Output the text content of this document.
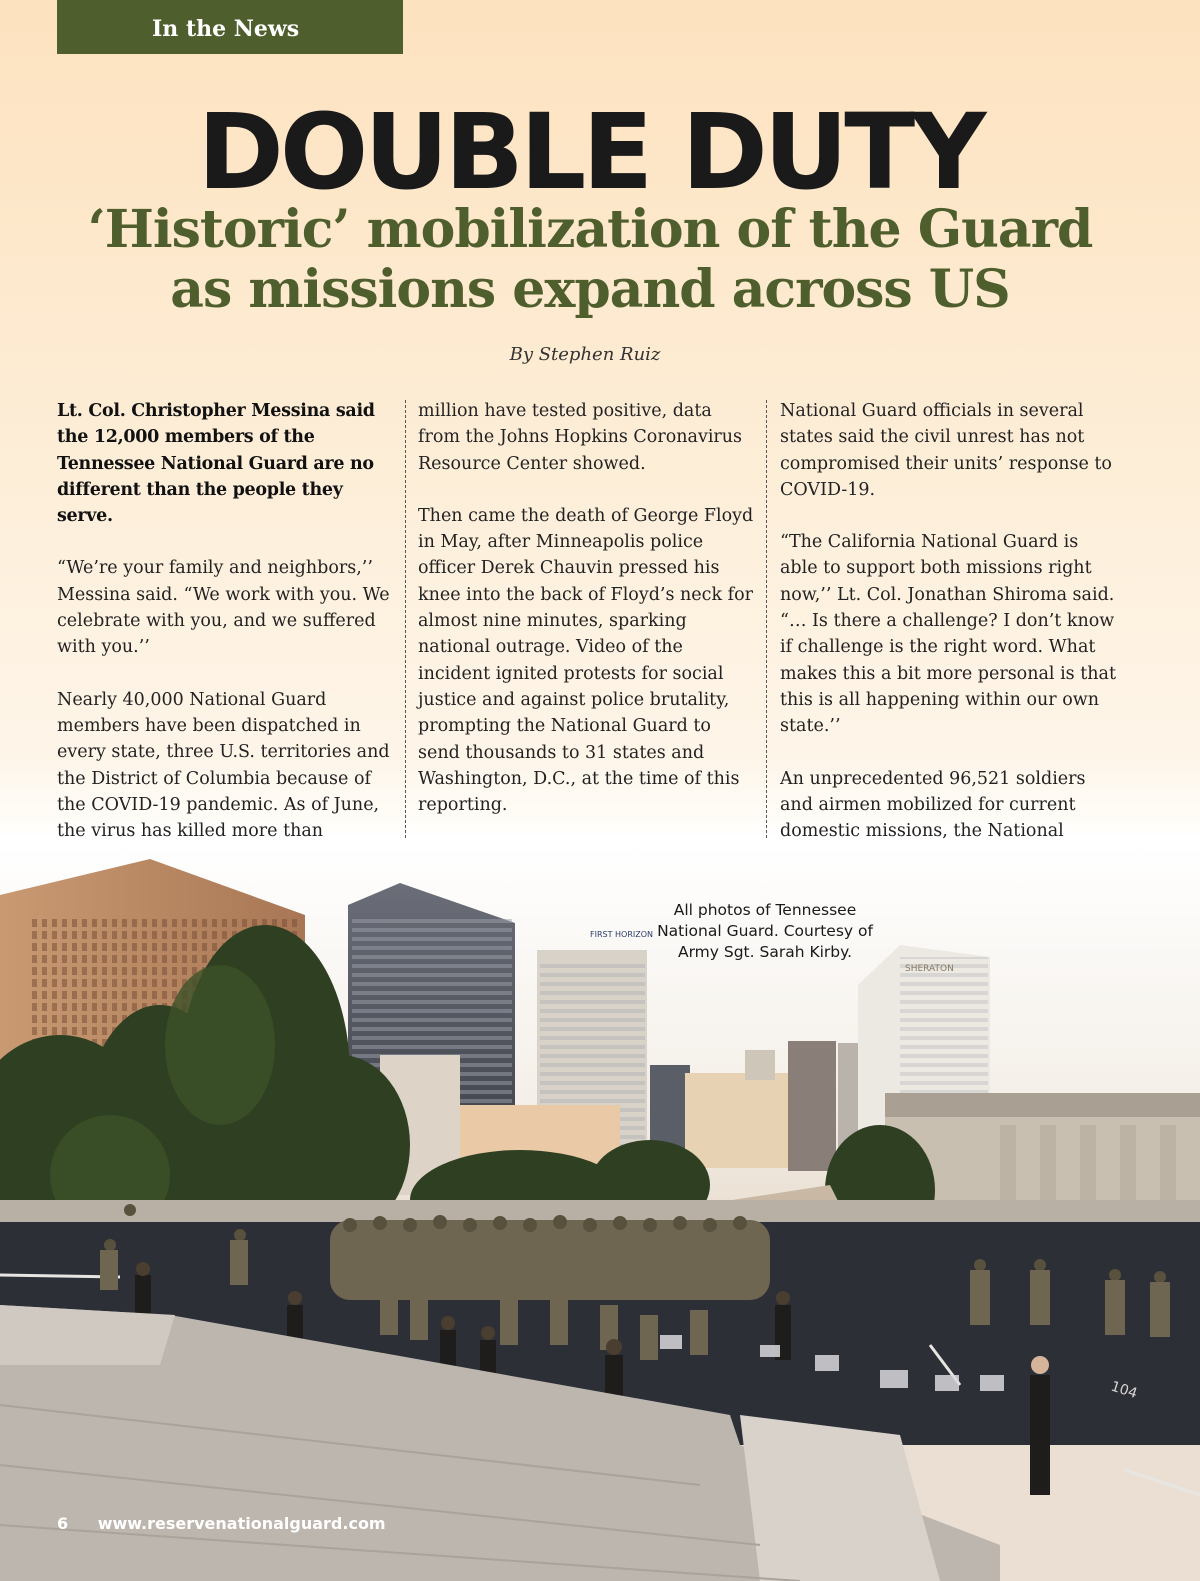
In the News
DOUBLE DUTY
‘Historic’ mobilization of the Guard
as missions expand across US
By Stephen Ruiz

Lt. Col. Christopher Messina said the 12,000 members of the Tennessee National Guard are no different than the people they serve.

“We’re your family and neighbors,’’ Messina said. “We work with you. We celebrate with you, and we suffered with you.’’

Nearly 40,000 National Guard members have been dispatched in every state, three U.S. territories and the District of Columbia because of the COVID-19 pandemic. As of June, the virus has killed more than

million have tested positive, data from the Johns Hopkins Coronavirus Resource Center showed.

Then came the death of George Floyd in May, after Minneapolis police officer Derek Chauvin pressed his knee into the back of Floyd’s neck for almost nine minutes, sparking national outrage. Video of the incident ignited protests for social justice and against police brutality, prompting the National Guard to send thousands to 31 states and Washington, D.C., at the time of this reporting.

National Guard officials in several states said the civil unrest has not compromised their units’ response to COVID-19.

“The California National Guard is able to support both missions right now,’’ Lt. Col. Jonathan Shiroma said. “… Is there a challenge? I don’t know if challenge is the right word. What makes this a bit more personal is that this is all happening within our own state.’’

An unprecedented 96,521 soldiers and airmen mobilized for current domestic missions, the National

FIRST HORIZON
SHERATON
104
All photos of Tennessee National Guard. Courtesy of Army Sgt. Sarah Kirby.
6 www.reservenationalguard.com
